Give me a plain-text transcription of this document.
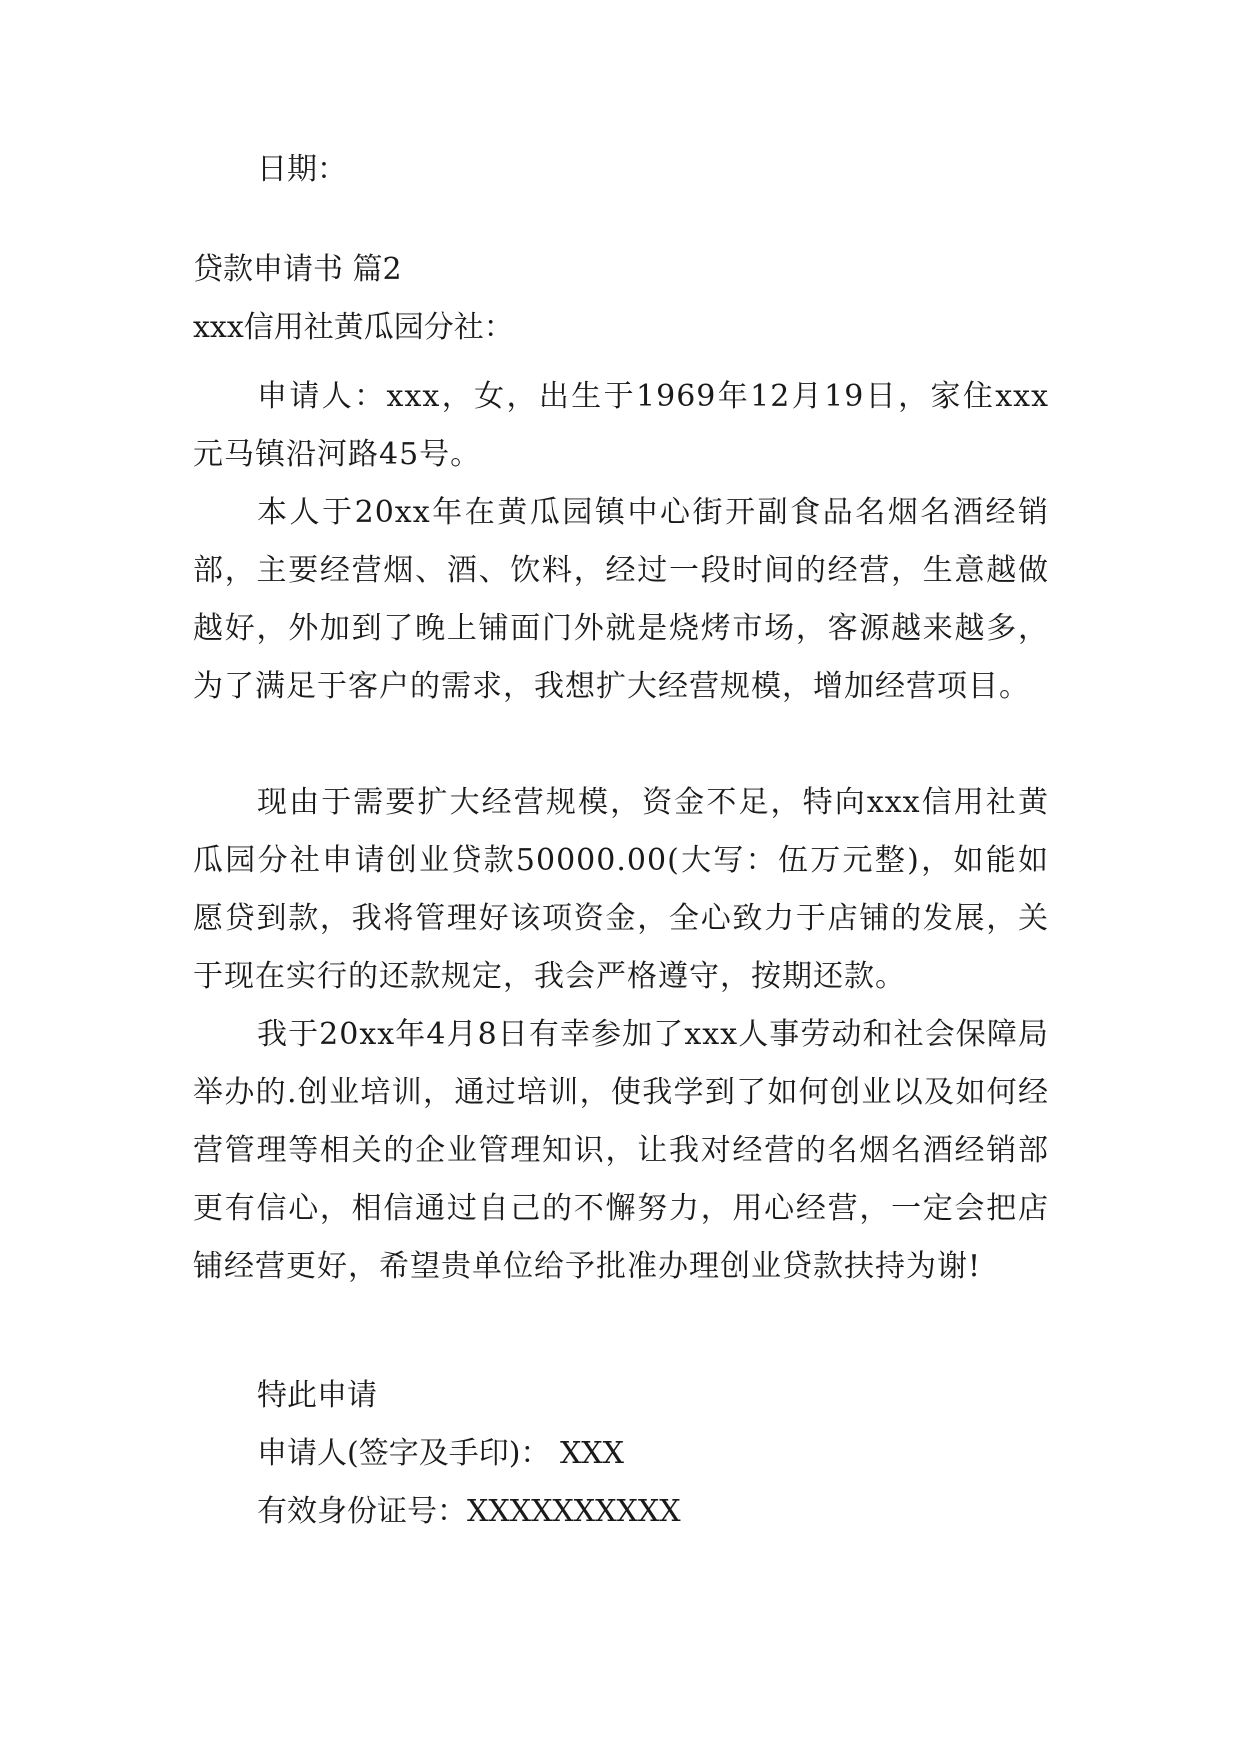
日期：

贷款申请书 篇2

xxx信用社黄瓜园分社：

申请人：xxx，女，出生于1969年12月19日，家住xxx元马镇沿河路45号。

本人于20xx年在黄瓜园镇中心街开副食品名烟名酒经销部，主要经营烟、酒、饮料，经过一段时间的经营，生意越做越好，外加到了晚上铺面门外就是烧烤市场，客源越来越多，为了满足于客户的需求，我想扩大经营规模，增加经营项目。

现由于需要扩大经营规模，资金不足，特向xxx信用社黄瓜园分社申请创业贷款50000.00(大写：伍万元整)，如能如愿贷到款，我将管理好该项资金，全心致力于店铺的发展，关于现在实行的还款规定，我会严格遵守，按期还款。

我于20xx年4月8日有幸参加了xxx人事劳动和社会保障局举办的.创业培训，通过培训，使我学到了如何创业以及如何经营管理等相关的企业管理知识，让我对经营的名烟名酒经销部更有信心，相信通过自己的不懈努力，用心经营，一定会把店铺经营更好，希望贵单位给予批准办理创业贷款扶持为谢!

特此申请

申请人(签字及手印)： XXX

有效身份证号：XXXXXXXXXX
